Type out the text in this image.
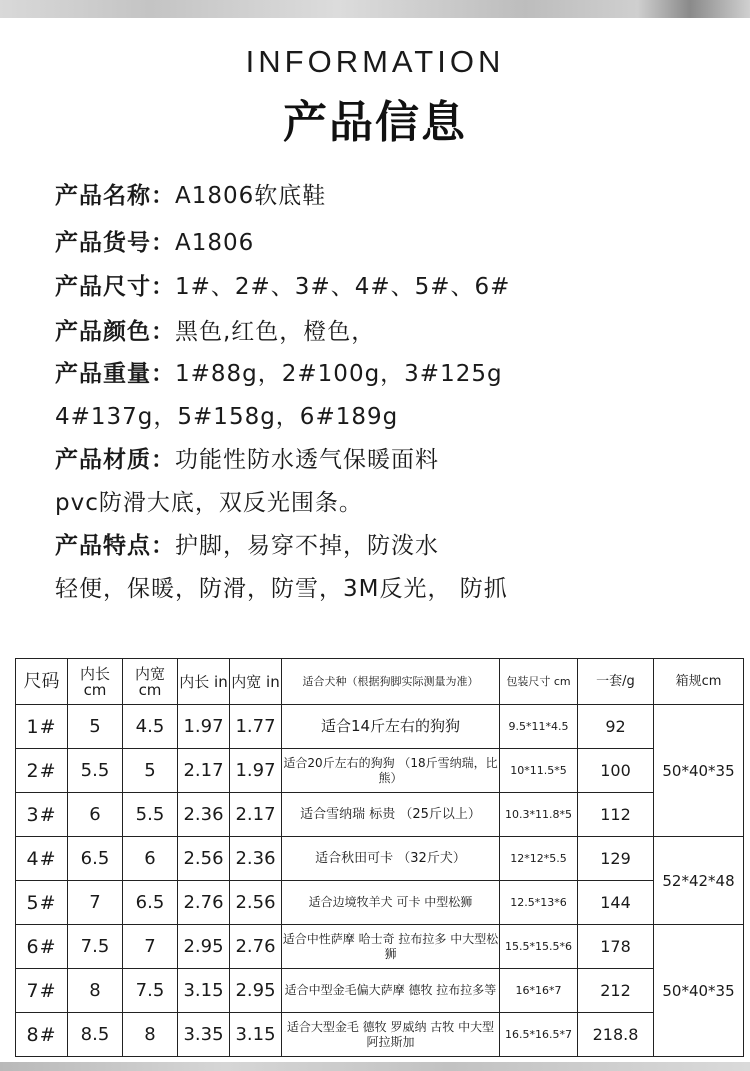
INFORMATION
产品信息
产品名称：A1806软底鞋
产品货号：A1806
产品尺寸：1#、2#、3#、4#、5#、6#
产品颜色：黑色,红色，橙色，
产品重量：1#88g，2#100g，3#125g
4#137g，5#158g，6#189g
产品材质：功能性防水透气保暖面料
pvc防滑大底，双反光围条。
产品特点：护脚，易穿不掉，防泼水
轻便，保暖，防滑，防雪，3M反光， 防抓
尺码	内长 cm	内宽 cm	内长 in	内宽 in	适合犬种（根据狗脚实际测量为准）	包装尺寸 cm	一套/g	箱规cm
1#	5	4.5	1.97	1.77	适合14斤左右的狗狗	9.5*11*4.5	92	50*40*35
2#	5.5	5	2.17	1.97	适合20斤左右的狗狗 （18斤雪纳瑞，比熊）	10*11.5*5	100	
3#	6	5.5	2.36	2.17	适合雪纳瑞 标贵 （25斤以上）	10.3*11.8*5	112	
4#	6.5	6	2.56	2.36	适合秋田可卡 （32斤犬）	12*12*5.5	129	52*42*48
5#	7	6.5	2.76	2.56	适合边境牧羊犬 可卡 中型松狮	12.5*13*6	144	
6#	7.5	7	2.95	2.76	适合中性萨摩 哈士奇 拉布拉多 中大型松狮	15.5*15.5*6	178	50*40*35
7#	8	7.5	3.15	2.95	适合中型金毛偏大萨摩 德牧 拉布拉多等	16*16*7	212	
8#	8.5	8	3.35	3.15	适合大型金毛 德牧 罗威纳 古牧 中大型阿拉斯加	16.5*16.5*7	218.8	
